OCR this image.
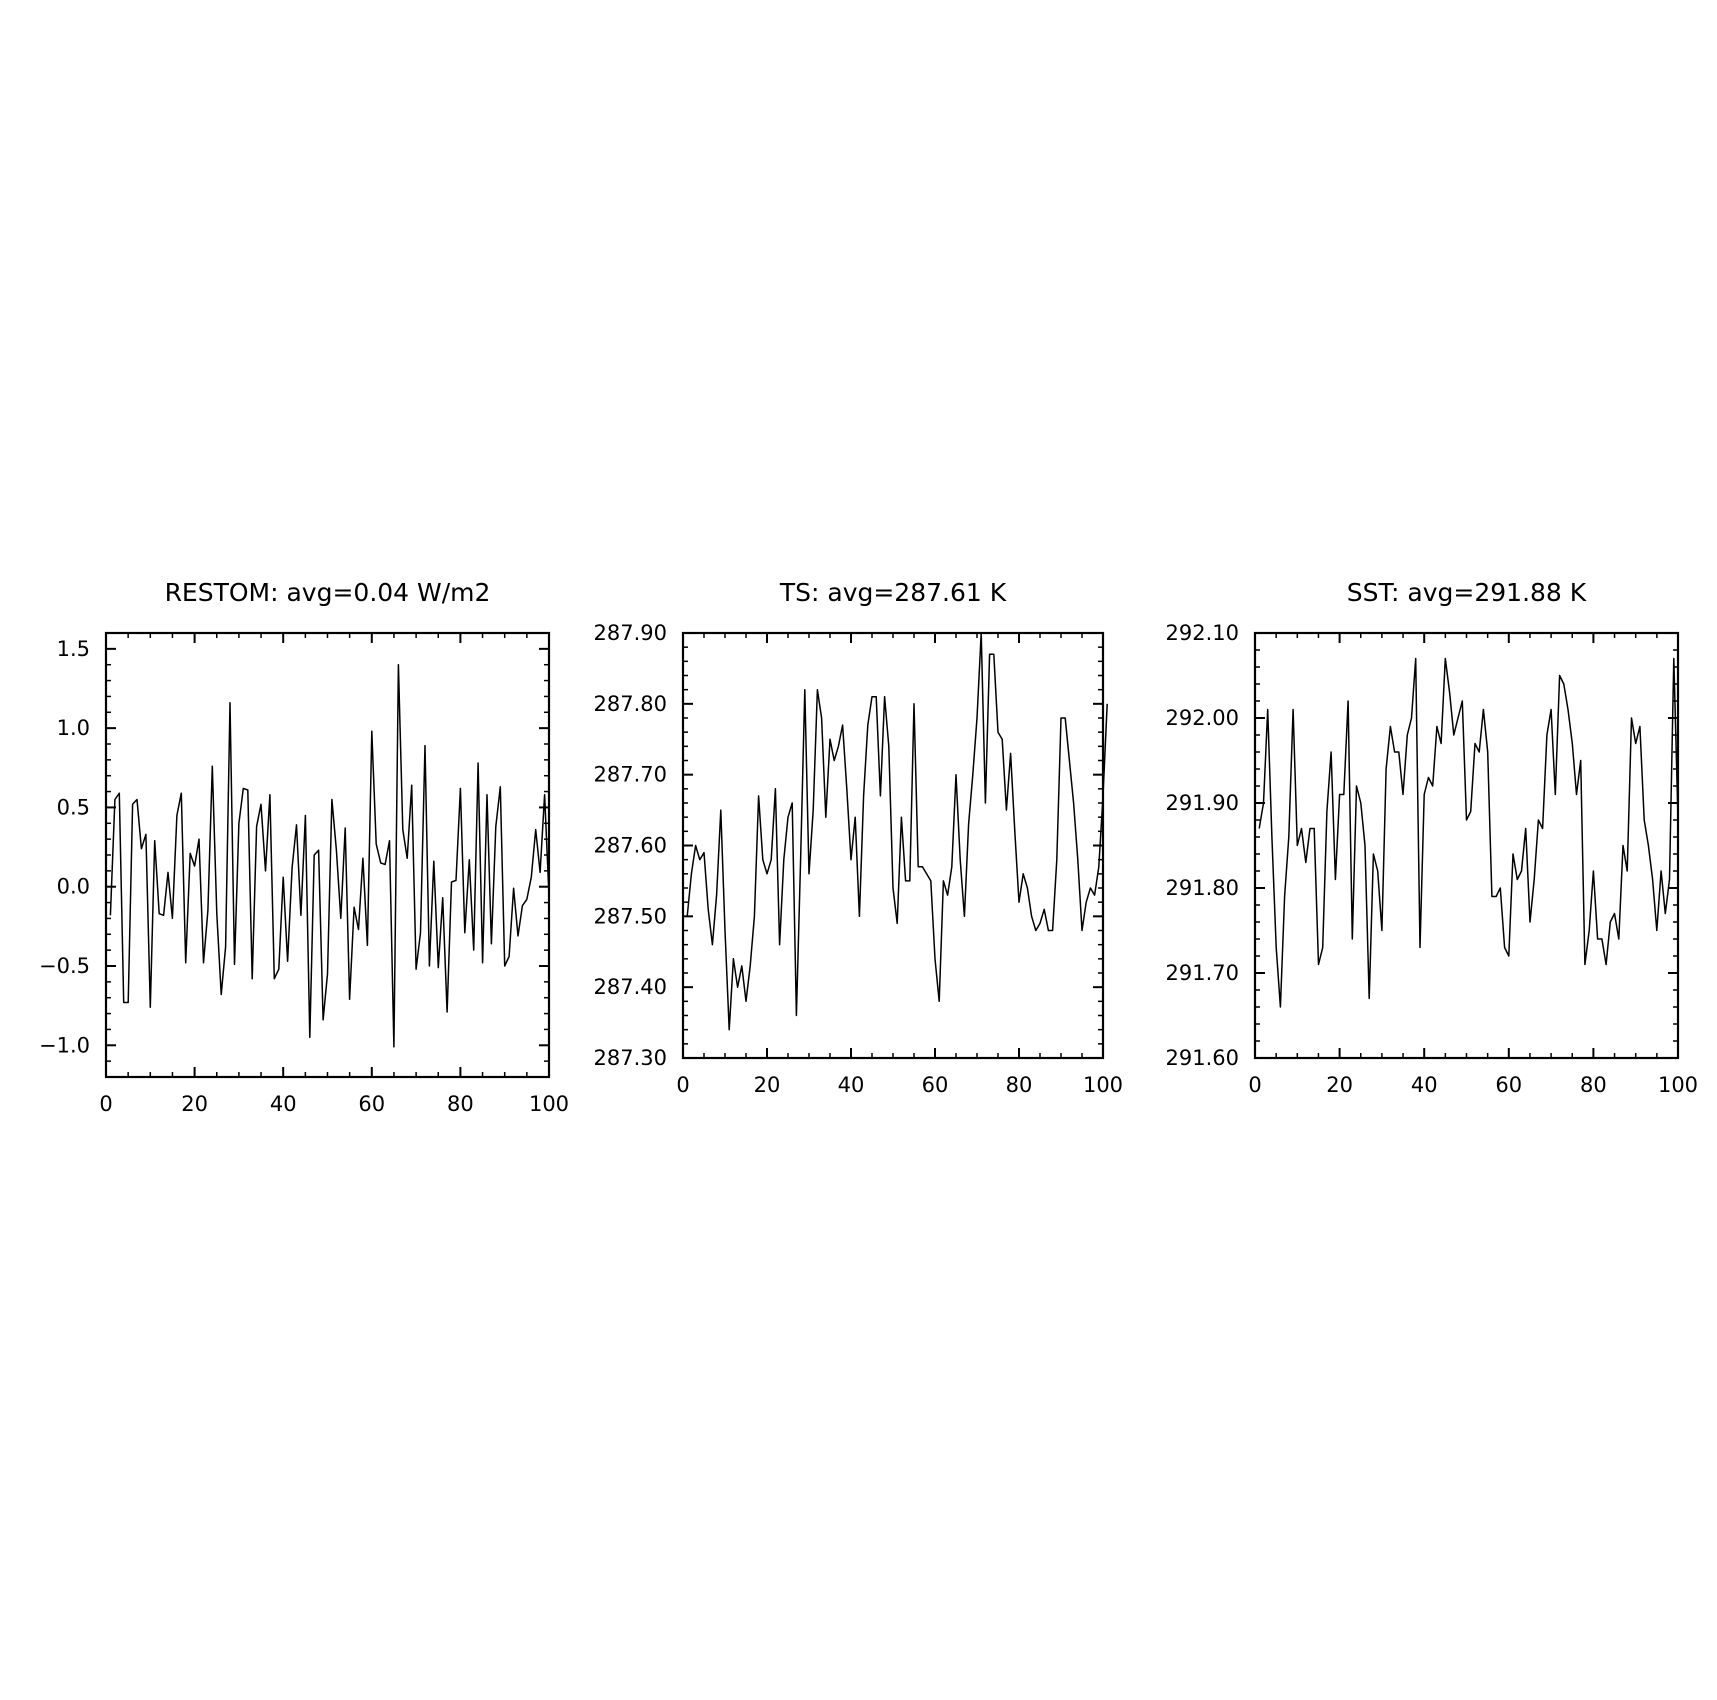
RESTOM: avg=0.04 W/m2
0	20	40	60	80	100
−1.0
−0.5
0.0
0.5
1.0
1.5
TS: avg=287.61 K
0	20	40	60	80 100
287.30
287.40
287.50
287.60
287.70
287.80
287.90
SST: avg=291.88 K
0	20	40	60	80 100
291.60
291.70
291.80
291.90
292.00
292.10
